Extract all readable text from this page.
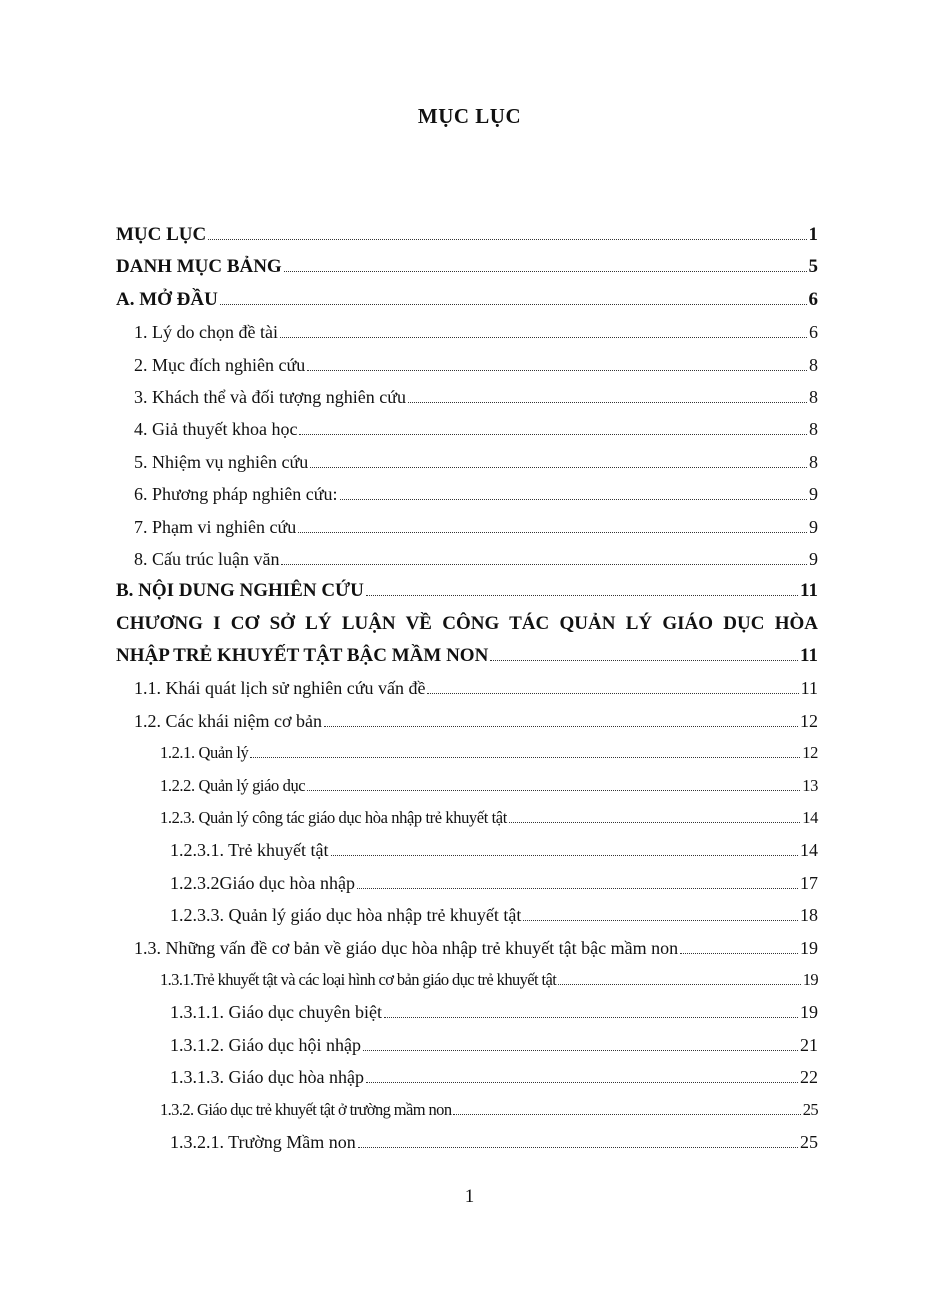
MỤC LỤC
MỤC LỤC	1
DANH MỤC BẢNG	5
A. MỞ ĐẦU	6
1. Lý do chọn đề tài	6
2. Mục đích nghiên cứu	8
3. Khách thể và đối tượng nghiên cứu	8
4. Giả thuyết khoa học	8
5. Nhiệm vụ nghiên cứu	8
6. Phương pháp nghiên cứu:	9
7. Phạm vi nghiên cứu	9
8. Cấu trúc luận văn	9
B. NỘI DUNG NGHIÊN CỨU	11
CHƯƠNG I CƠ SỞ LÝ LUẬN VỀ CÔNG TÁC QUẢN LÝ GIÁO DỤC HÒA
NHẬP TRẺ KHUYẾT TẬT BẬC MẦM NON	11
1.1. Khái quát lịch sử nghiên cứu vấn đề	11
1.2. Các khái niệm cơ bản	12
1.2.1. Quản lý	12
1.2.2. Quản lý giáo dục	13
1.2.3. Quản lý công tác giáo dục hòa nhập trẻ khuyết tật	14
1.2.3.1. Trẻ khuyết tật	14
1.2.3.2Giáo dục hòa nhập	17
1.2.3.3. Quản lý giáo dục hòa nhập trẻ khuyết tật	18
1.3. Những vấn đề cơ bản về giáo dục hòa nhập trẻ khuyết tật bậc mầm non	19
1.3.1.Trẻ khuyết tật và các loại hình cơ bản giáo dục trẻ khuyết tật	19
1.3.1.1. Giáo dục chuyên biệt	19
1.3.1.2. Giáo dục hội nhập	21
1.3.1.3. Giáo dục hòa nhập	22
1.3.2. Giáo dục trẻ khuyết tật ở trường mầm non	25
1.3.2.1. Trường Mầm non	25
1
